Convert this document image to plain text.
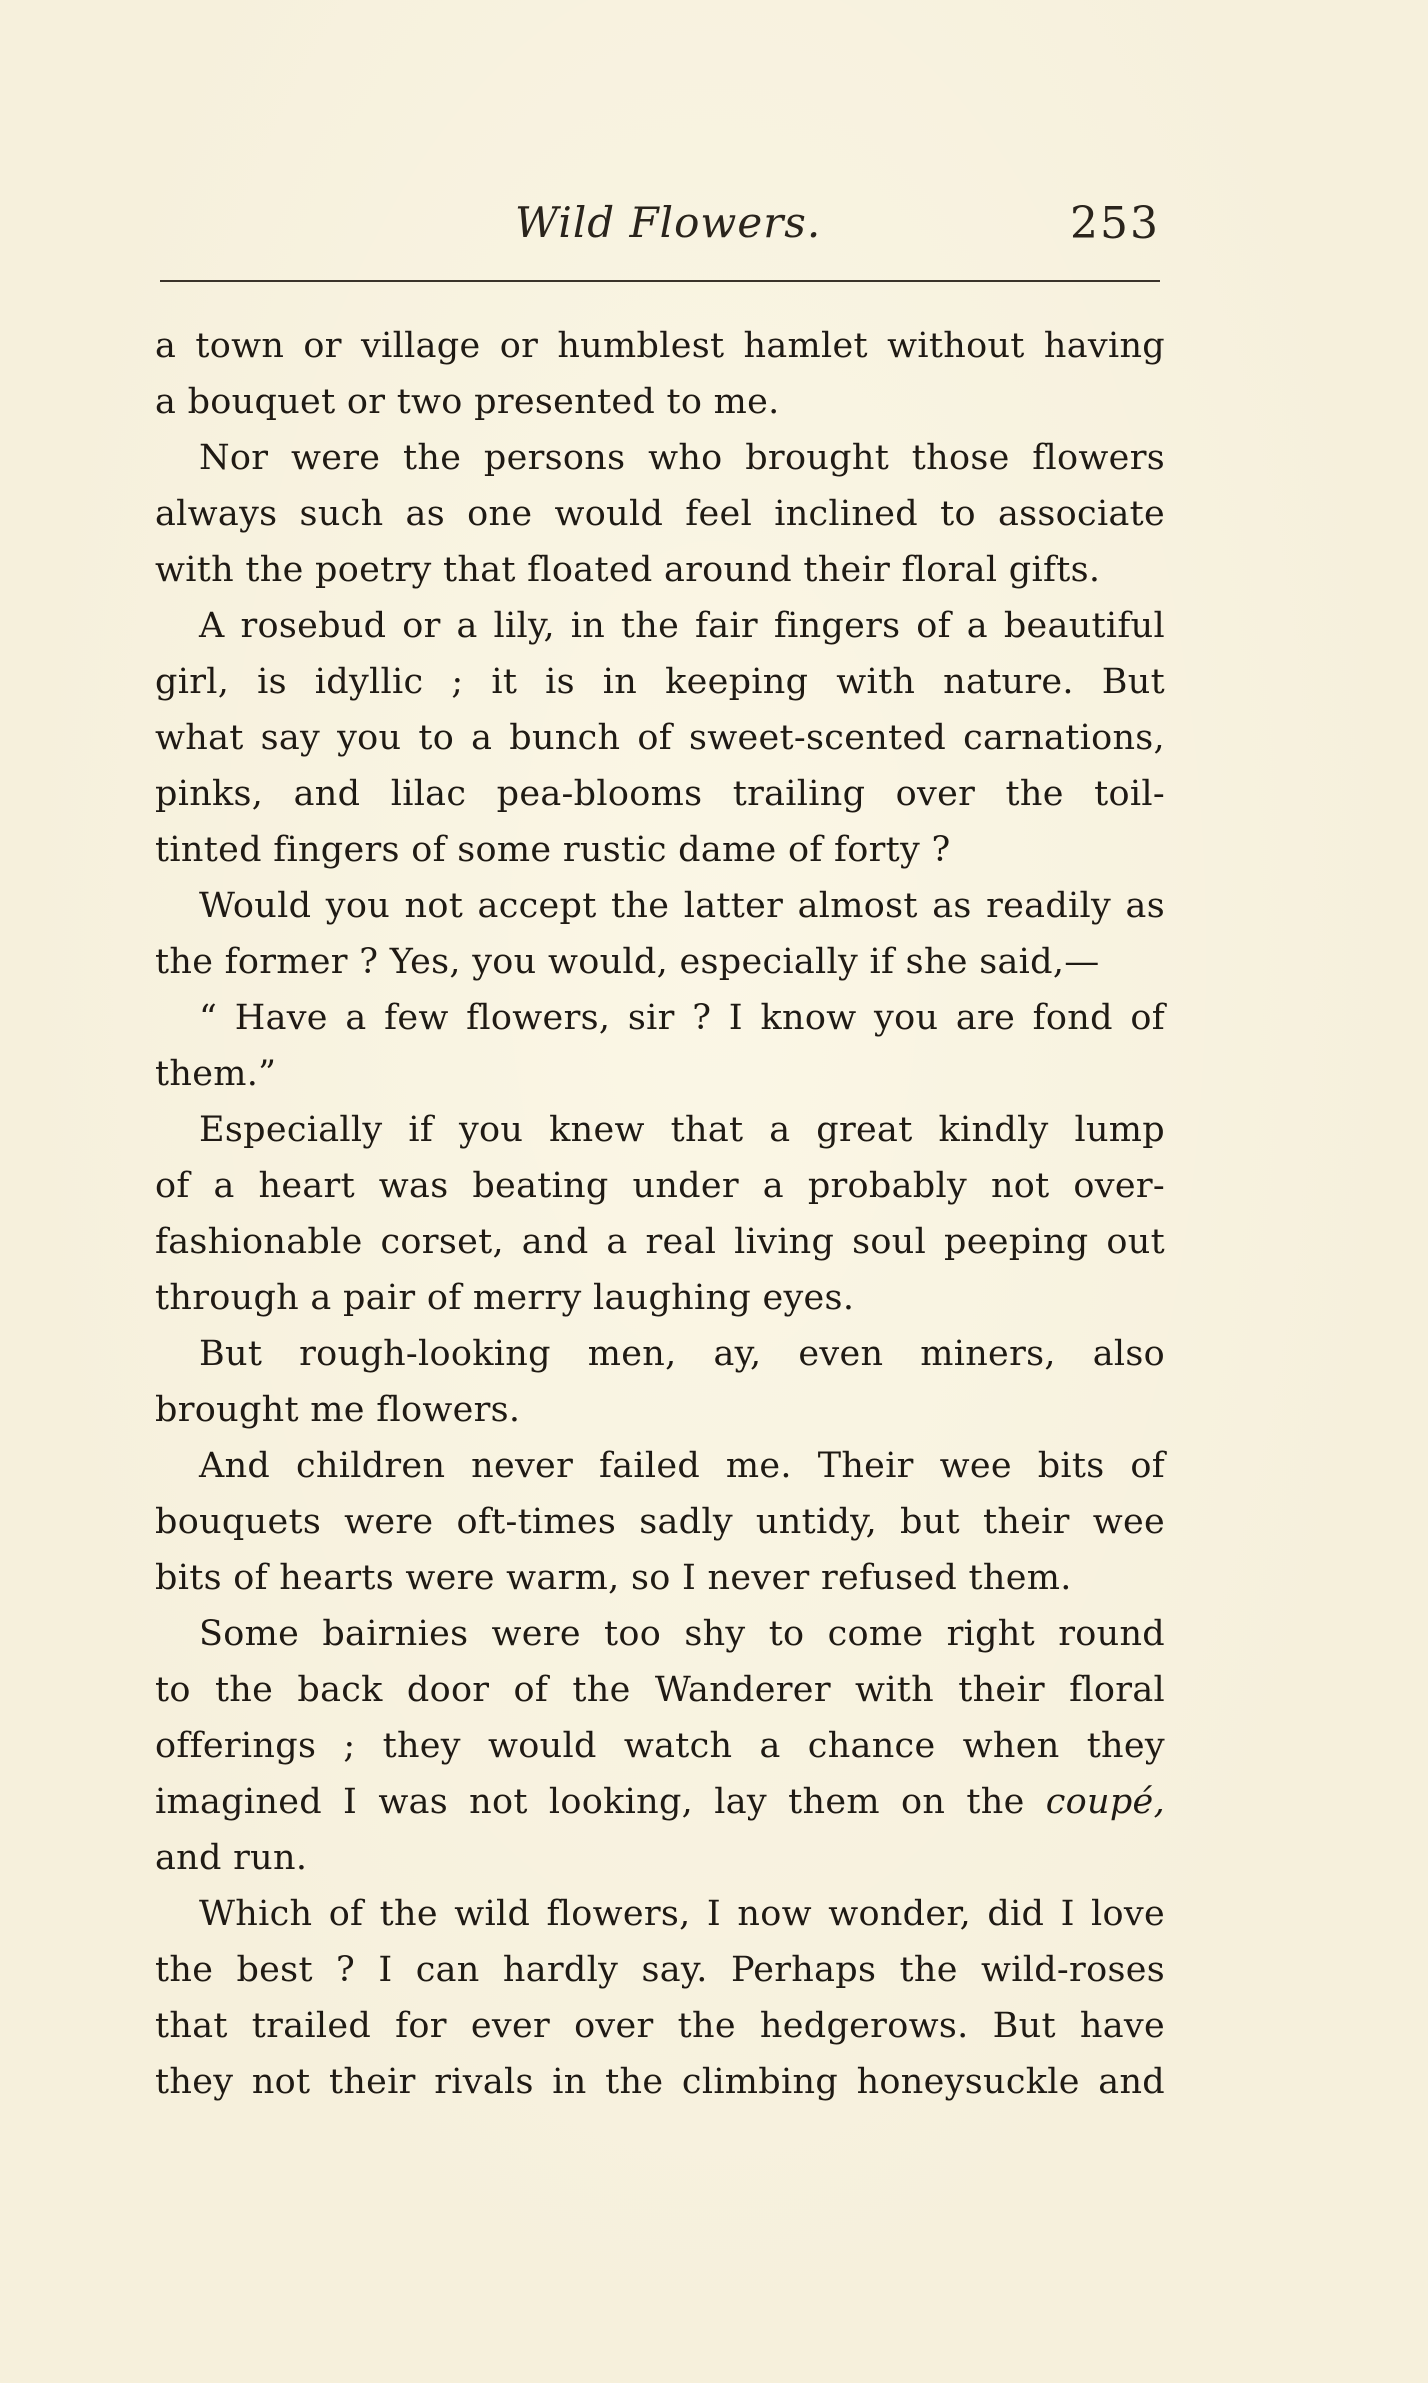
Wild Flowers.	253
a town or village or humblest hamlet without having
a bouquet or two presented to me.
Nor were the persons who brought those flowers
always such as one would feel inclined to associate
with the poetry that floated around their floral gifts.
A rosebud or a lily, in the fair fingers of a beautiful
girl, is idyllic ; it is in keeping with nature. But
what say you to a bunch of sweet-scented carnations,
pinks, and lilac pea-blooms trailing over the toil-
tinted fingers of some rustic dame of forty ?
Would you not accept the latter almost as readily as
the former ? Yes, you would, especially if she said,—
“ Have a few flowers, sir ? I know you are fond of
them.”
Especially if you knew that a great kindly lump
of a heart was beating under a probably not over-
fashionable corset, and a real living soul peeping out
through a pair of merry laughing eyes.
But rough-looking men, ay, even miners, also
brought me flowers.
And children never failed me. Their wee bits of
bouquets were oft-times sadly untidy, but their wee
bits of hearts were warm, so I never refused them.
Some bairnies were too shy to come right round
to the back door of the Wanderer with their floral
offerings ; they would watch a chance when they
imagined I was not looking, lay them on the coupé,
and run.
Which of the wild flowers, I now wonder, did I love
the best ? I can hardly say. Perhaps the wild-roses
that trailed for ever over the hedgerows. But have
they not their rivals in the climbing honeysuckle and
